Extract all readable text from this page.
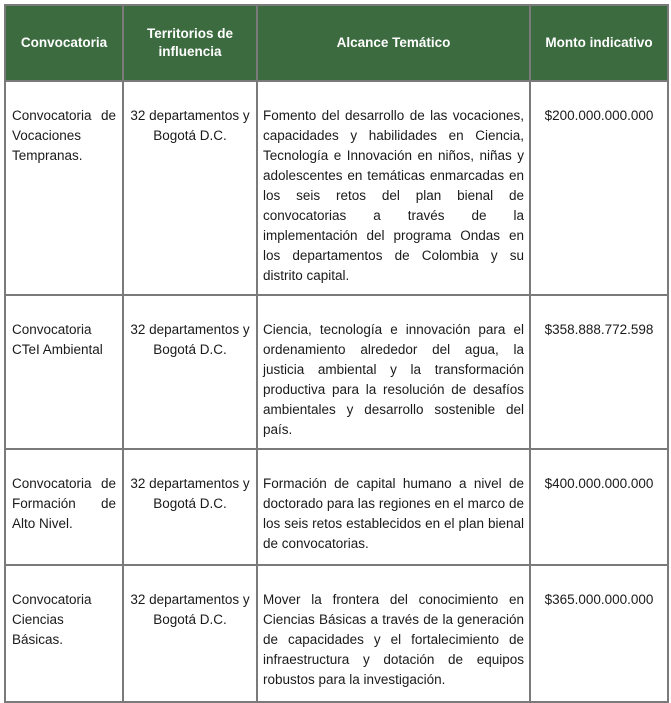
Convocatoria	Territorios de influencia	Alcance Temático	Monto indicativo
Convocatoria de Vocaciones Tempranas.	32 departamentos y Bogotá D.C.	Fomento del desarrollo de las vocaciones, capacidades y habilidades en Ciencia, Tecnología e Innovación en niños, niñas y adolescentes en temáticas enmarcadas en los seis retos del plan bienal de convocatorias a través de la implementación del programa Ondas en los departamentos de Colombia y su distrito capital.	$200.000.000.000
Convocatoria CTeI Ambiental	32 departamentos y Bogotá D.C.	Ciencia, tecnología e innovación para el ordenamiento alrededor del agua, la justicia ambiental y la transformación productiva para la resolución de desafíos ambientales y desarrollo sostenible del país.	$358.888.772.598
Convocatoria de Formación de Alto Nivel.	32 departamentos y Bogotá D.C.	Formación de capital humano a nivel de doctorado para las regiones en el marco de los seis retos establecidos en el plan bienal de convocatorias.	$400.000.000.000
Convocatoria Ciencias Básicas.	32 departamentos y Bogotá D.C.	Mover la frontera del conocimiento en Ciencias Básicas a través de la generación de capacidades y el fortalecimiento de infraestructura y dotación de equipos robustos para la investigación.	$365.000.000.000
